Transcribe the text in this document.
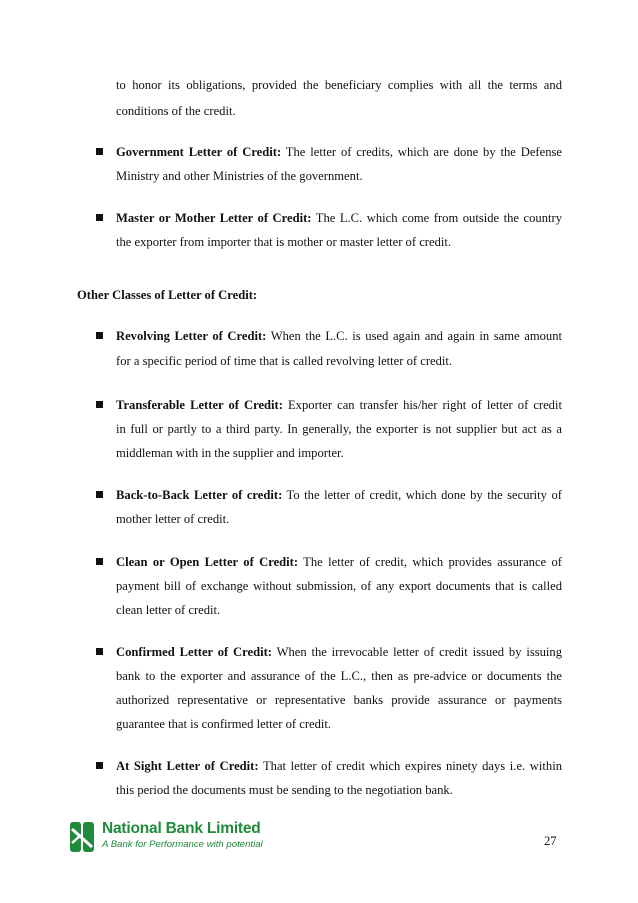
to honor its obligations, provided the beneficiary complies with all the terms and
conditions of the credit.
Government Letter of Credit: The letter of credits, which are done by the Defense
Ministry and other Ministries of the government.
Master or Mother Letter of Credit: The L.C. which come from outside the country
the exporter from importer that is mother or master letter of credit.
Other Classes of Letter of Credit:
Revolving Letter of Credit: When the L.C. is used again and again in same amount
for a specific period of time that is called revolving letter of credit.
Transferable Letter of Credit: Exporter can transfer his/her right of letter of credit
in full or partly to a third party. In generally, the exporter is not supplier but act as a
middleman with in the supplier and importer.
Back-to-Back Letter of credit: To the letter of credit, which done by the security of
mother letter of credit.
Clean or Open Letter of Credit: The letter of credit, which provides assurance of
payment bill of exchange without submission, of any export documents that is called
clean letter of credit.
Confirmed Letter of Credit: When the irrevocable letter of credit issued by issuing
bank to the exporter and assurance of the L.C., then as pre-advice or documents the
authorized representative or representative banks provide assurance or payments
guarantee that is confirmed letter of credit.
At Sight Letter of Credit: That letter of credit which expires ninety days i.e. within
this period the documents must be sending to the negotiation bank.
National Bank Limited
A Bank for Performance with potential	27
